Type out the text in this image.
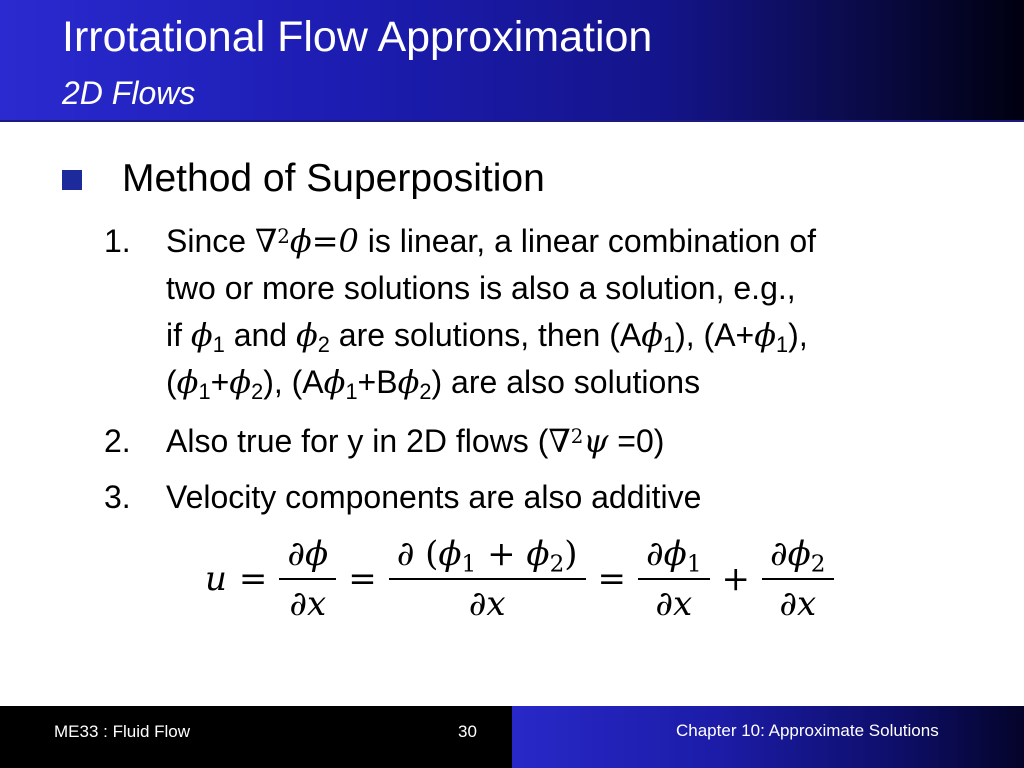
Irrotational Flow Approximation
2D Flows
Method of Superposition
1. Since ∇$^2$ϕ=0 is linear, a linear combination of
two or more solutions is also a solution, e.g.,
if $\phi_1$ and $\phi_2$ are solutions, then $(A\phi_1)$, $(A+\phi_1)$,
$(\phi_1+\phi_2)$, $(A\phi_1+B\phi_2)$ are also solutions
2. Also true for y in 2D flows (∇$^2$ψ =0)
3. Velocity components are also additive
$u = \frac{\partial\phi}{\partial x} = \frac{\partial (\phi_1 + \phi_2)}{\partial x} = \frac{\partial\phi_1}{\partial x} + \frac{\partial\phi_2}{\partial x}$
ME33 : Fluid Flow	30	Chapter 10: Approximate Solutions
